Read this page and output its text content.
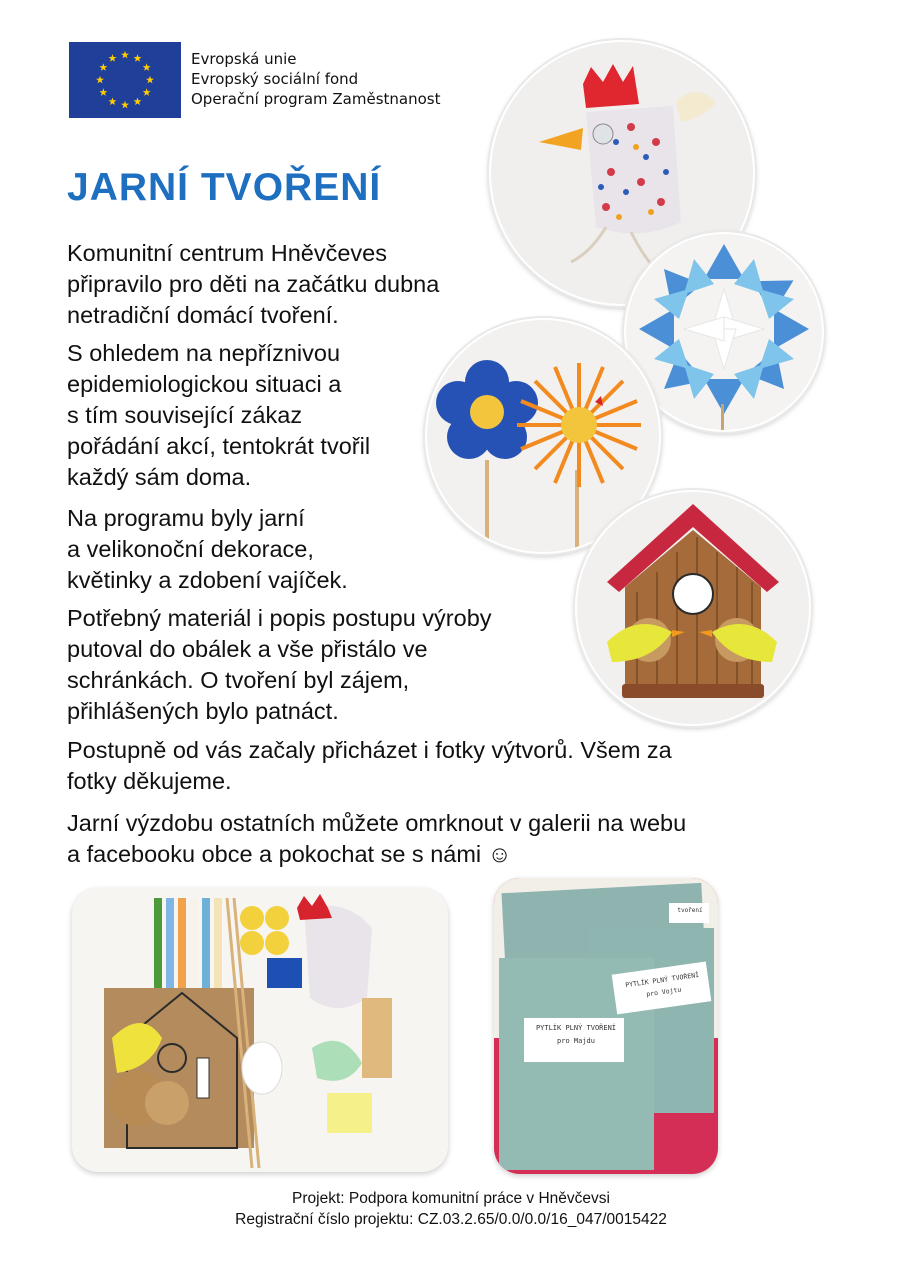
Evropská unie
Evropský sociální fond
Operační program Zaměstnanost
JARNÍ TVOŘENÍ
Komunitní centrum Hněvčeves
připravilo pro děti na začátku dubna
netradiční domácí tvoření.
S ohledem na nepříznivou
epidemiologickou situaci a
s tím související zákaz
pořádání akcí, tentokrát tvořil
každý sám doma.
Na programu byly jarní
a velikonoční dekorace,
květinky a zdobení vajíček.
Potřebný materiál i popis postupu výroby
putoval do obálek a vše přistálo ve
schránkách. O tvoření byl zájem,
přihlášených bylo patnáct.
Postupně od vás začaly přicházet i fotky výtvorů. Všem za
fotky děkujeme.
Jarní výzdobu ostatních můžete omrknout v galerii na webu
a facebooku obce a pokochat se s námi ☺
PYTLÍK PLNÝ TVOŘENÍ
pro Majdu
PYTLÍK PLNÝ TVOŘENÍ
pro Vojtu
tvoření
Projekt: Podpora komunitní práce v Hněvčevsi
Registrační číslo projektu: CZ.03.2.65/0.0/0.0/16_047/0015422
